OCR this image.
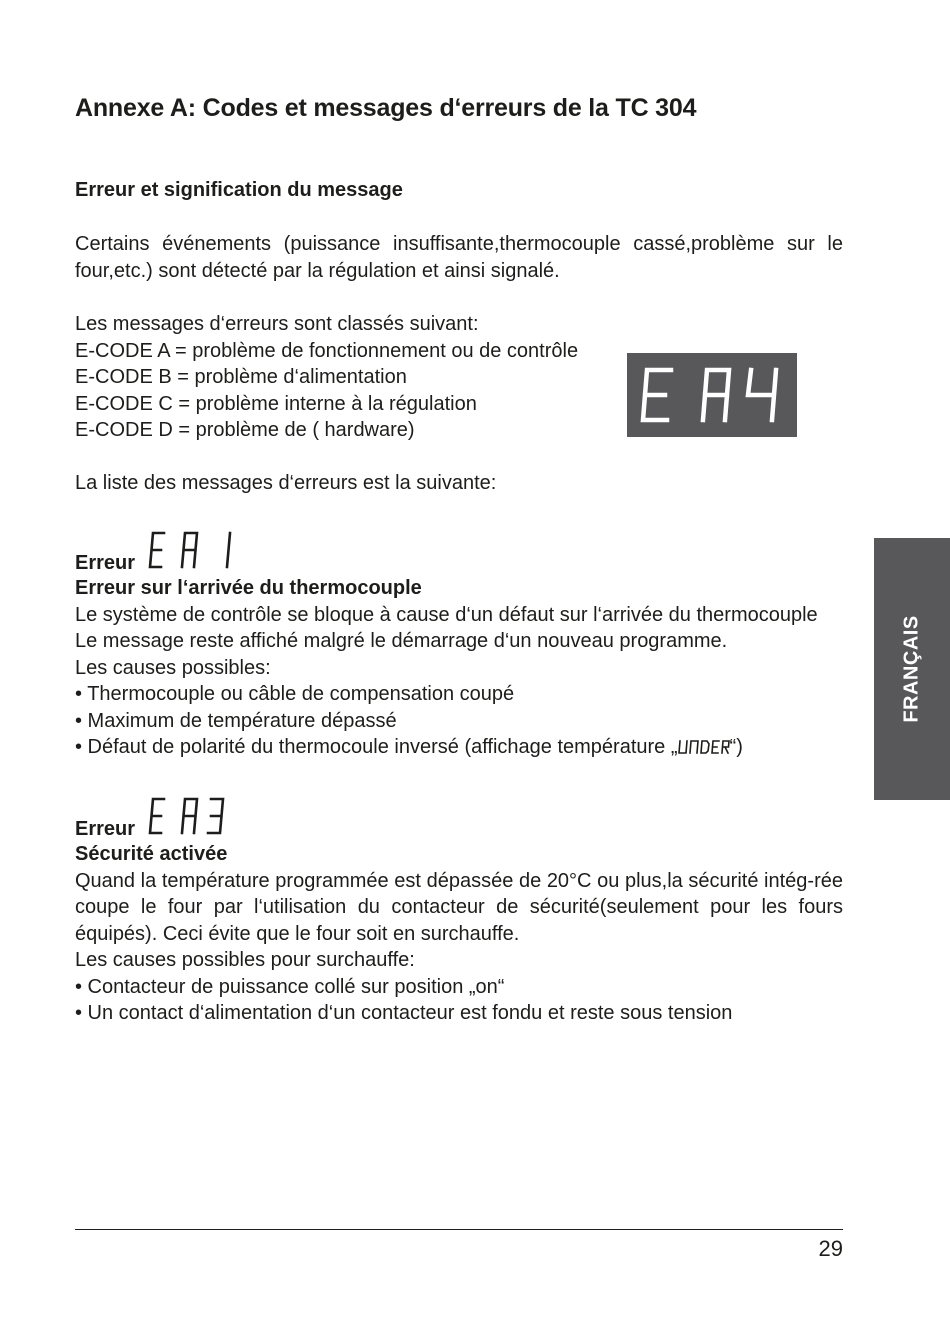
Annexe A: Codes et messages d‘erreurs de la TC 304
Erreur et signification du message

Certains événements (puissance insuffisante,thermocouple cassé,problème sur le four,etc.) sont détecté par la régulation et ainsi signalé.

Les messages d‘erreurs sont classés suivant:

E-CODE A = problème de fonctionnement ou de contrôle

E-CODE B = problème d‘alimentation

E-CODE C = problème interne à la régulation

E-CODE D = problème de ( hardware)

La liste des messages d‘erreurs est la suivante:

Erreur

Erreur sur l‘arrivée du thermocouple

Le système de contrôle se bloque à cause d‘un défaut sur l‘arrivée du thermocouple

Le message reste affiché malgré le démarrage d‘un nouveau programme.

Les causes possibles:

• Thermocouple ou câble de compensation coupé

• Maximum de température dépassé

• Défaut de polarité du thermocoule inversé (affichage température „	“)

Erreur

Sécurité activée

Quand la température programmée est dépassée de 20°C ou plus,la sécurité intég-rée coupe le four par l‘utilisation du contacteur de sécurité(seulement pour les fours équipés). Ceci évite que le four soit en surchauffe.

Les causes possibles pour surchauffe:

• Contacteur de puissance collé sur position „on“

• Un contact d‘alimentation d‘un contacteur est fondu et reste sous tension

FRANÇAIS
29
